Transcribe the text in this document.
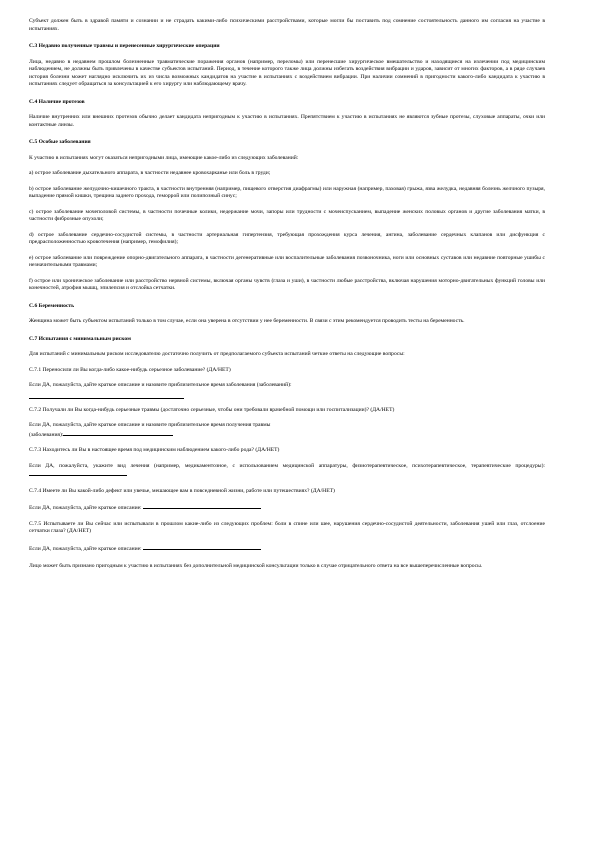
Субъект должен быть в здравой памяти и сознании и не страдать какими-либо психическими расстройствами, которые могли бы поставить под сомнение состоятельность данного им согласия на участие в испытаниях.

С.3 Недавно полученные травмы и перенесенные хирургические операции

Лица, недавно в недавнем прошлом болезненные травматические поражения органов (например, переломы) или перенесшие хирургическое вмешательство и находящиеся на излечении под медицинским наблюдением, не должны быть привлечены в качестве субъектов испытаний. Период, в течение которого также лица должны избегать воздействия вибрации и ударов, зависит от многих факторов, а в ряде случаев история болезни может наглядно исключить их из числа возможных кандидатов на участие в испытаниях с воздействием вибрации. При наличии сомнений в пригодности какого-либо кандидата к участию в испытаниях следует обращаться за консультацией к его хирургу или наблюдающему врачу.

С.4 Наличие протезов

Наличие внутренних или внешних протезов обычно делает кандидата непригодным к участию в испытаниях. Препятствием к участию в испытаниях не являются зубные протезы, слуховые аппараты, очки или контактные линзы.

С.5 Особые заболевания

К участию в испытаниях могут оказаться непригодными лица, имеющие какое-либо из следующих заболеваний:

a) острое заболевание дыхательного аппарата, в частности недавнее кровохарканье или боль в груди;

b) острое заболевание желудочно-кишечного тракта, в частности внутренняя (например, пищевого отверстия диафрагмы) или наружная (например, паховая) грыжа, язва желудка, недавняя болезнь желчного пузыря, выпадение прямой кишки, трещина заднего прохода, геморрой или полипозный синус;

c) острое заболевание мочеполовой системы, в частности почечные колики, недержание мочи, запоры или трудности с мочеиспусканием, выпадение женских половых органов и другие заболевания матки, в частности фиброзные опухоли;

d) острое заболевание сердечно-сосудистой системы, в частности артериальная гипертензия, требующая прохождения курса лечения, ангина, заболевание сердечных клапанов или дисфункция с предрасположенностью кровотечения (например, гемофилия);

e) острое заболевание или повреждение опорно-двигательного аппарата, в частности дегенеративные или воспалительные заболевания позвоночника, ноги или основных суставов или недавние повторные ушибы с незначительными травмами;

f) острое или хроническое заболевание или расстройство нервной системы, включая органы чувств (глаза и уши), в частности любые расстройства, включая нарушения моторно-двигательных функций головы или конечностей, атрофия мышц, эпилепсия и отслойка сетчатки.

С.6 Беременность

Женщина может быть субъектом испытаний только в том случае, если она уверена в отсутствии у нее беременности. В связи с этим рекомендуется проводить тесты на беременность.

С.7 Испытания с минимальным риском

Для испытаний с минимальным риском исследователю достаточно получить от предполагаемого субъекта испытаний четкие ответы на следующие вопросы:

С.7.1 Переносили ли Вы когда-либо какое-нибудь серьезное заболевание? (ДА/НЕТ)

Если ДА, пожалуйста, дайте краткое описание и назовите приблизительное время заболевания (заболеваний):

С.7.2 Получали ли Вы когда-нибудь серьезные травмы (достаточно серьезные, чтобы они требовали врачебной помощи или госпитализации)? (ДА/НЕТ)

Если ДА, пожалуйста, дайте краткое описание и назовите приблизительное время получения травмы

(заболевания):

С.7.3 Находитесь ли Вы в настоящее время под медицинским наблюдением какого-либо рода? (ДА/НЕТ)

Если ДА, пожалуйста, укажите вид лечения (например, медикаментозное, с использованием медицинской аппаратуры, физиотерапевтическое, психотерапевтическое, терапевтические процедуры):

С.7.4 Имеете ли Вы какой-либо дефект или увечье, мешающее вам в повседневной жизни, работе или путешествиях? (ДА/НЕТ)

Если ДА, пожалуйста, дайте краткое описание:

С.7.5 Испытываете ли Вы сейчас или испытывали в прошлом какие-либо из следующих проблем: боли в спине или шее, нарушения сердечно-сосудистой деятельности, заболевания ушей или глаз, отслоение сетчатки глаза? (ДА/НЕТ)

Если ДА, пожалуйста, дайте краткое описание:

Лицо может быть признано пригодным к участию в испытаниях без дополнительной медицинской консультации только в случае отрицательного ответа на все вышеперечисленные вопросы.
